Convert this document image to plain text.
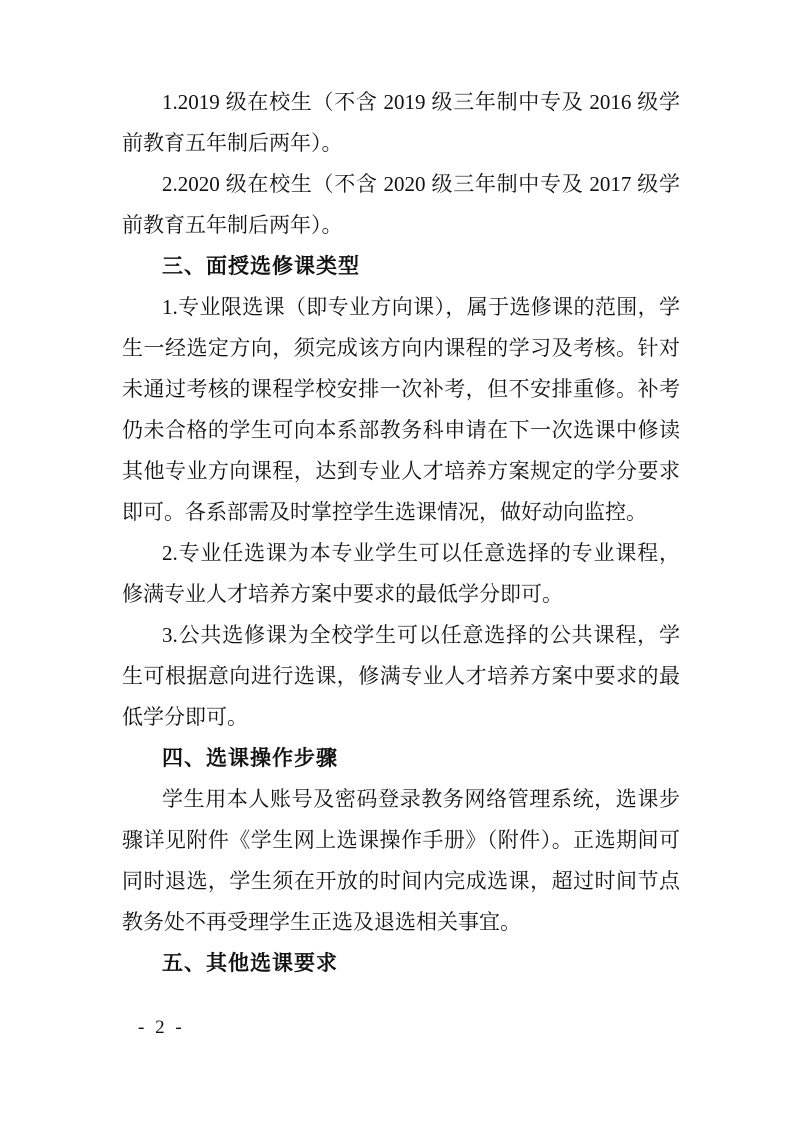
1.2019 级在校生（不含 2019 级三年制中专及 2016 级学前教育五年制后两年）。

2.2020 级在校生（不含 2020 级三年制中专及 2017 级学前教育五年制后两年）。

三、面授选修课类型

1.专业限选课（即专业方向课），属于选修课的范围，学生一经选定方向，须完成该方向内课程的学习及考核。针对未通过考核的课程学校安排一次补考，但不安排重修。补考仍未合格的学生可向本系部教务科申请在下一次选课中修读其他专业方向课程，达到专业人才培养方案规定的学分要求即可。各系部需及时掌控学生选课情况，做好动向监控。

2.专业任选课为本专业学生可以任意选择的专业课程，修满专业人才培养方案中要求的最低学分即可。

3.公共选修课为全校学生可以任意选择的公共课程，学生可根据意向进行选课，修满专业人才培养方案中要求的最低学分即可。

四、选课操作步骤

学生用本人账号及密码登录教务网络管理系统，选课步骤详见附件《学生网上选课操作手册》（附件）。正选期间可同时退选，学生须在开放的时间内完成选课，超过时间节点教务处不再受理学生正选及退选相关事宜。

五、其他选课要求
- 2 -
